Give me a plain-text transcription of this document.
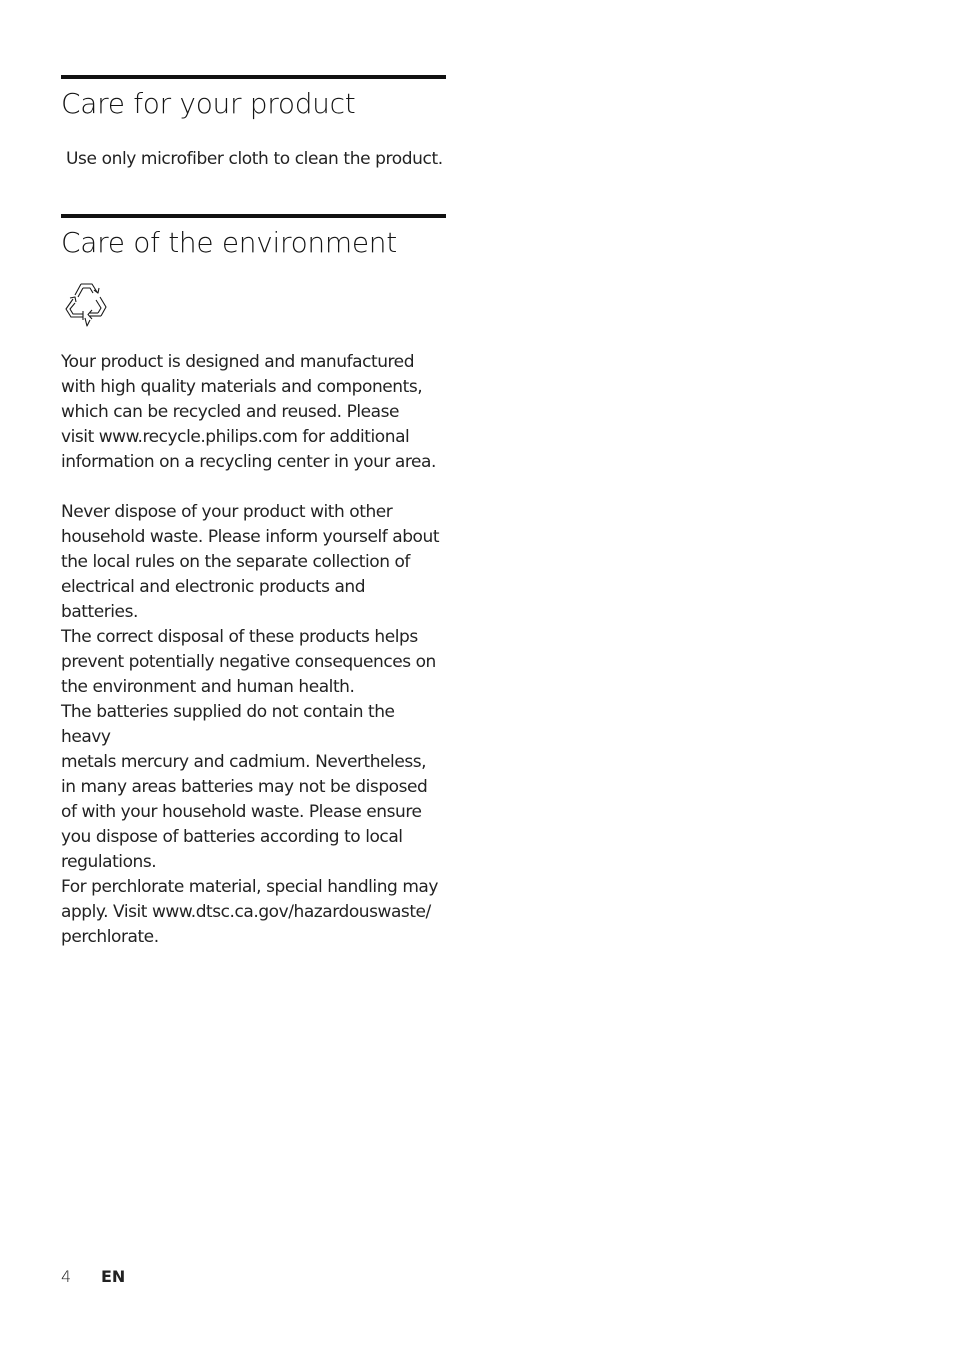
Care for your product

Use only microfiber cloth to clean the product.

Care of the environment

Your product is designed and manufactured

with high quality materials and components,

which can be recycled and reused. Please

visit www.recycle.philips.com for additional

information on a recycling center in your area.

Never dispose of your product with other

household waste. Please inform yourself about

the local rules on the separate collection of

electrical and electronic products and batteries.

The correct disposal of these products helps

prevent potentially negative consequences on

the environment and human health.

The batteries supplied do not contain the heavy

metals mercury and cadmium. Nevertheless,

in many areas batteries may not be disposed

of with your household waste. Please ensure

you dispose of batteries according to local

regulations.

For perchlorate material, special handling may

apply. Visit www.dtsc.ca.gov/hazardouswaste/

perchlorate.

4 EN
